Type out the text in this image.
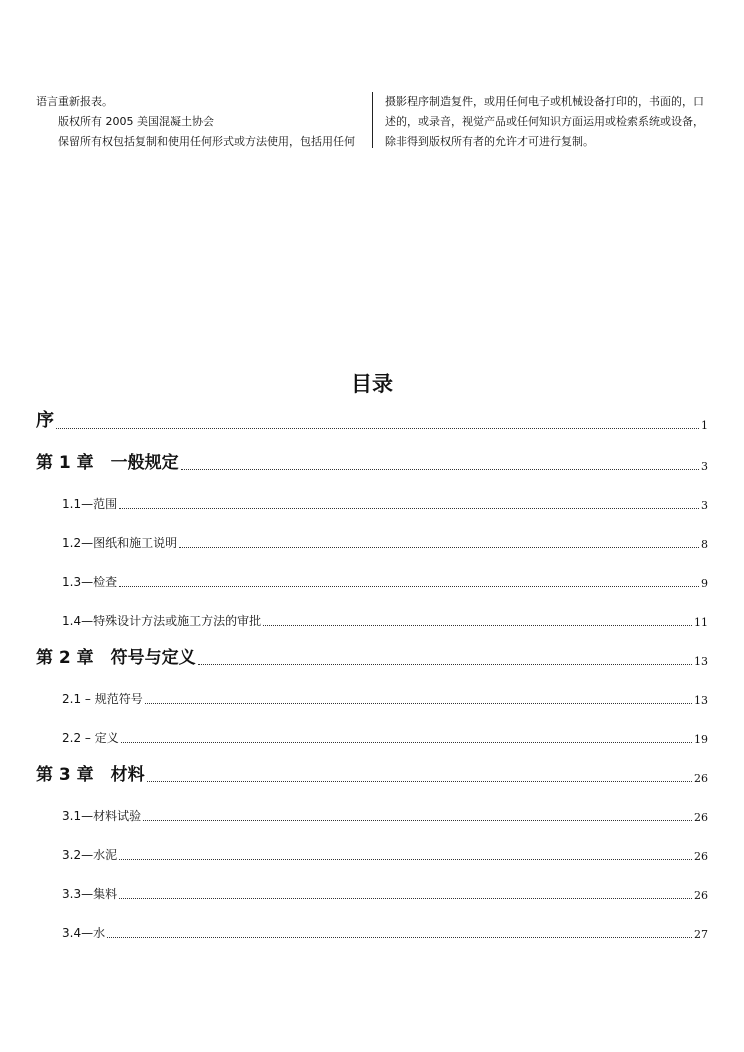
语言重新报表。

版权所有 2005 美国混凝土协会

保留所有权包括复制和使用任何形式或方法使用，包括用任何

摄影程序制造复件，或用任何电子或机械设备打印的，书面的，口

述的，或录音，视觉产品或任何知识方面运用或检索系统或设备，

除非得到版权所有者的允许才可进行复制。

目录
序	1
第 1 章　一般规定	3
1.1—范围	3
1.2—图纸和施工说明	8
1.3—检查	9
1.4—特殊设计方法或施工方法的审批	11
第 2 章　符号与定义	13
2.1 – 规范符号	13
2.2 – 定义	19
第 3 章　材料	26
3.1—材料试验	26
3.2—水泥	26
3.3—集料	26
3.4—水	27
